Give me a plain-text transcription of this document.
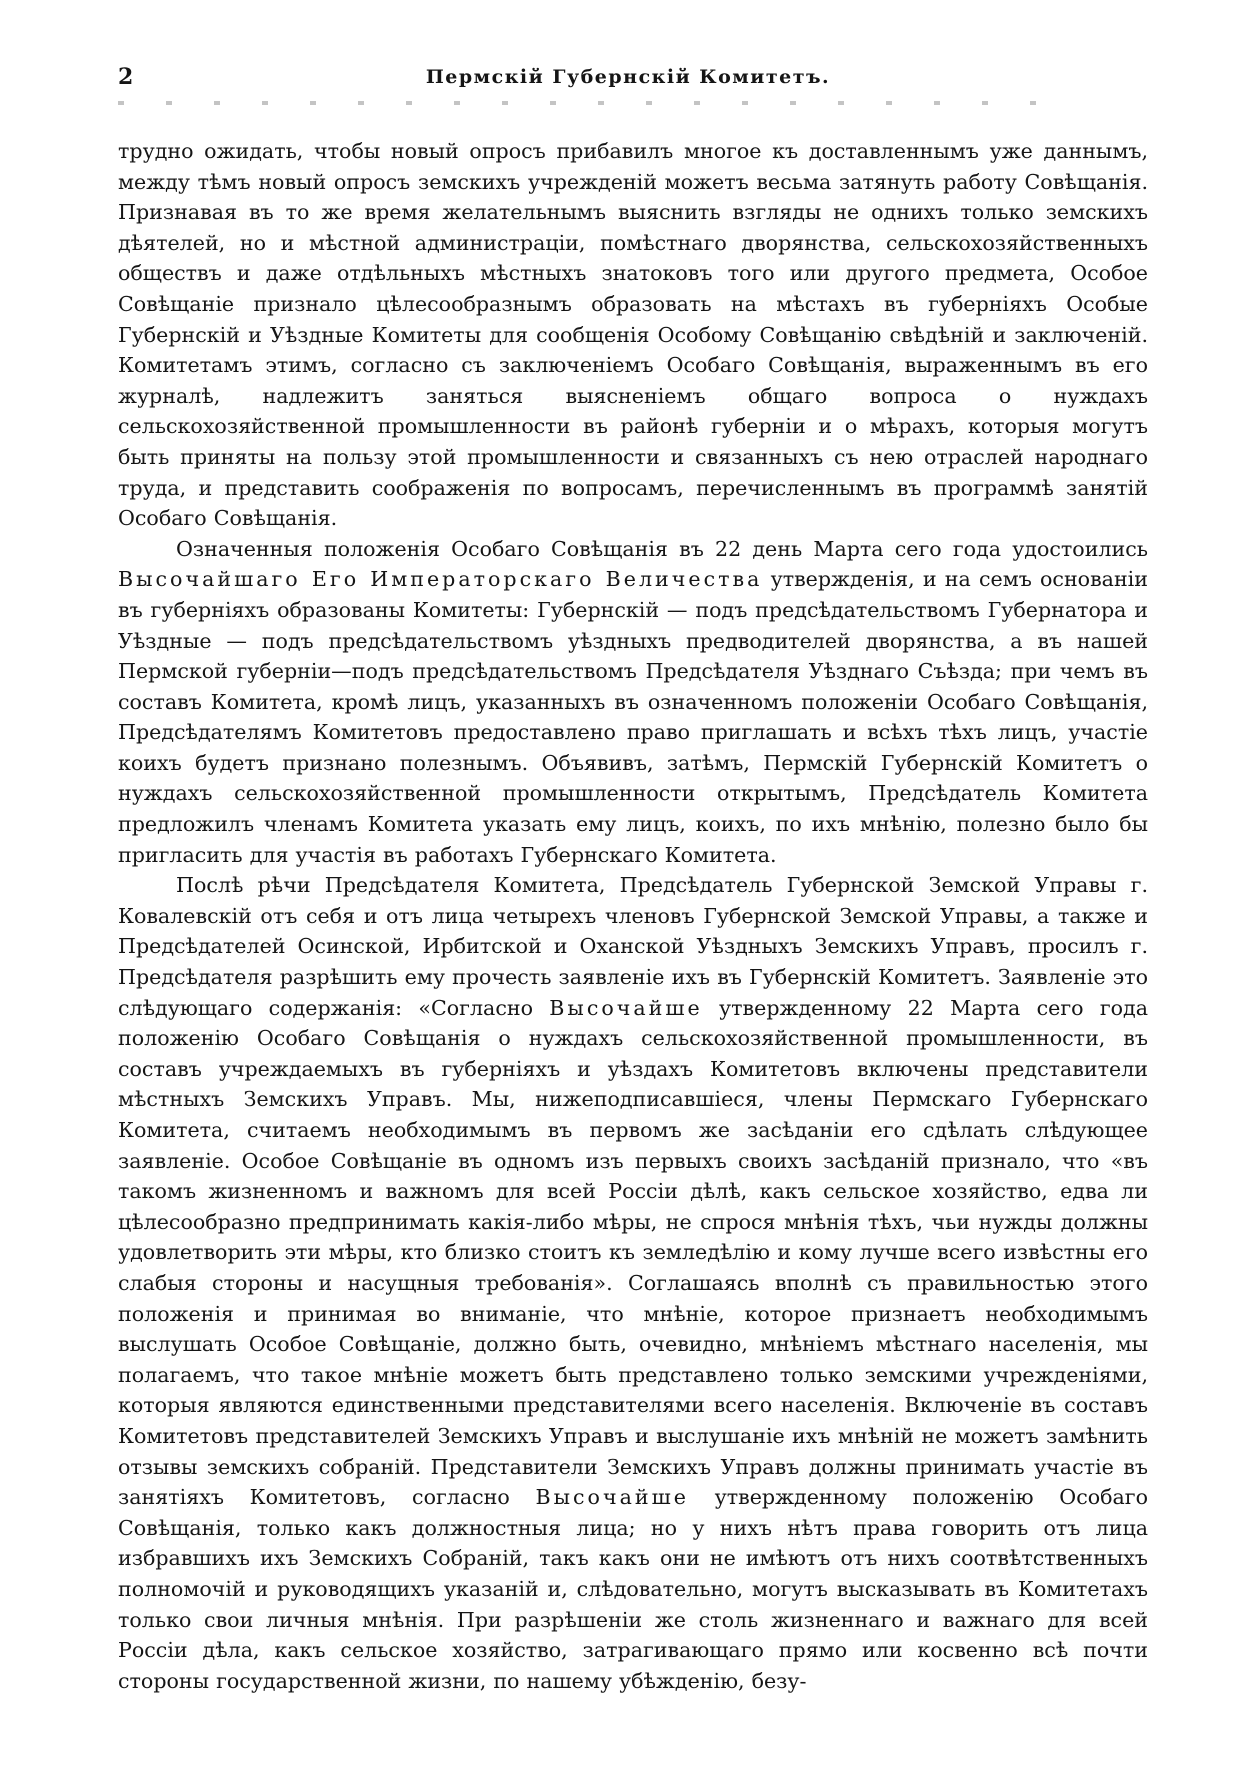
2	Пермскій Губернскій Комитетъ.

трудно ожидать, чтобы новый опросъ прибавилъ многое къ доставленнымъ уже даннымъ, между тѣмъ новый опросъ земскихъ учрежденій можетъ весьма затянуть работу Совѣщанія. Признавая въ то же время желательнымъ выяснить взгляды не однихъ только земскихъ дѣятелей, но и мѣстной администраціи, помѣстнаго дворянства, сельскохозяйственныхъ обществъ и даже отдѣльныхъ мѣстныхъ знатоковъ того или другого предмета, Особое Совѣщаніе признало цѣлесообразнымъ образовать на мѣстахъ въ губерніяхъ Особые Губернскій и Уѣздные Комитеты для сообщенія Особому Совѣщанію свѣдѣній и заключеній. Комитетамъ этимъ, согласно съ заключеніемъ Особаго Совѣщанія, выраженнымъ въ его журналѣ, надлежитъ заняться выясненіемъ общаго вопроса о нуждахъ сельскохозяйственной промышленности въ районѣ губерніи и о мѣрахъ, которыя могутъ быть приняты на пользу этой промышленности и связанныхъ съ нею отраслей народнаго труда, и представить соображенія по вопросамъ, перечисленнымъ въ программѣ занятій Особаго Совѣщанія.

Означенныя положенія Особаго Совѣщанія въ 22 день Марта сего года удостоились Высочайшаго Его Императорскаго Величества утвержденія, и на семъ основаніи въ губерніяхъ образованы Комитеты: Губернскій — подъ предсѣдательствомъ Губернатора и Уѣздные — подъ предсѣдательствомъ уѣздныхъ предводителей дворянства, а въ нашей Пермской губерніи—подъ предсѣдательствомъ Предсѣдателя Уѣзднаго Съѣзда; при чемъ въ составъ Комитета, кромѣ лицъ, указанныхъ въ означенномъ положеніи Особаго Совѣщанія, Предсѣдателямъ Комитетовъ предоставлено право приглашать и всѣхъ тѣхъ лицъ, участіе коихъ будетъ признано полезнымъ. Объявивъ, затѣмъ, Пермскій Губернскій Комитетъ о нуждахъ сельскохозяйственной промышленности открытымъ, Предсѣдатель Комитета предложилъ членамъ Комитета указать ему лицъ, коихъ, по ихъ мнѣнію, полезно было бы пригласить для участія въ работахъ Губернскаго Комитета.

Послѣ рѣчи Предсѣдателя Комитета, Предсѣдатель Губернской Земской Управы г. Ковалевскій отъ себя и отъ лица четырехъ членовъ Губернской Земской Управы, а также и Предсѣдателей Осинской, Ирбитской и Оханской Уѣздныхъ Земскихъ Управъ, просилъ г. Предсѣдателя разрѣшить ему прочесть заявленіе ихъ въ Губернскій Комитетъ. Заявленіе это слѣдующаго содержанія: «Согласно Высочайше утвержденному 22 Марта сего года положенію Особаго Совѣщанія о нуждахъ сельскохозяйственной промышленности, въ составъ учреждаемыхъ въ губерніяхъ и уѣздахъ Комитетовъ включены представители мѣстныхъ Земскихъ Управъ. Мы, нижеподписавшіеся, члены Пермскаго Губернскаго Комитета, считаемъ необходимымъ въ первомъ же засѣданіи его сдѣлать слѣдующее заявленіе. Особое Совѣщаніе въ одномъ изъ первыхъ своихъ засѣданій признало, что «въ такомъ жизненномъ и важномъ для всей Россіи дѣлѣ, какъ сельское хозяйство, едва ли цѣлесообразно предпринимать какія-либо мѣры, не спрося мнѣнія тѣхъ, чьи нужды должны удовлетворить эти мѣры, кто близко стоитъ къ земледѣлію и кому лучше всего извѣстны его слабыя стороны и насущныя требованія». Соглашаясь вполнѣ съ правильностью этого положенія и принимая во вниманіе, что мнѣніе, которое признаетъ необходимымъ выслушать Особое Совѣщаніе, должно быть, очевидно, мнѣніемъ мѣстнаго населенія, мы полагаемъ, что такое мнѣніе можетъ быть представлено только земскими учрежденіями, которыя являются единственными представителями всего населенія. Включеніе въ составъ Комитетовъ представителей Земскихъ Управъ и выслушаніе ихъ мнѣній не можетъ замѣнить отзывы земскихъ собраній. Представители Земскихъ Управъ должны принимать участіе въ занятіяхъ Комитетовъ, согласно Высочайше утвержденному положенію Особаго Совѣщанія, только какъ должностныя лица; но у нихъ нѣтъ права говорить отъ лица избравшихъ ихъ Земскихъ Собраній, такъ какъ они не имѣютъ отъ нихъ соотвѣтственныхъ полномочій и руководящихъ указаній и, слѣдовательно, могутъ высказывать въ Комитетахъ только свои личныя мнѣнія. При разрѣшеніи же столь жизненнаго и важнаго для всей Россіи дѣла, какъ сельское хозяйство, затрагивающаго прямо или косвенно всѣ почти стороны государственной жизни, по нашему убѣжденію, безу-
